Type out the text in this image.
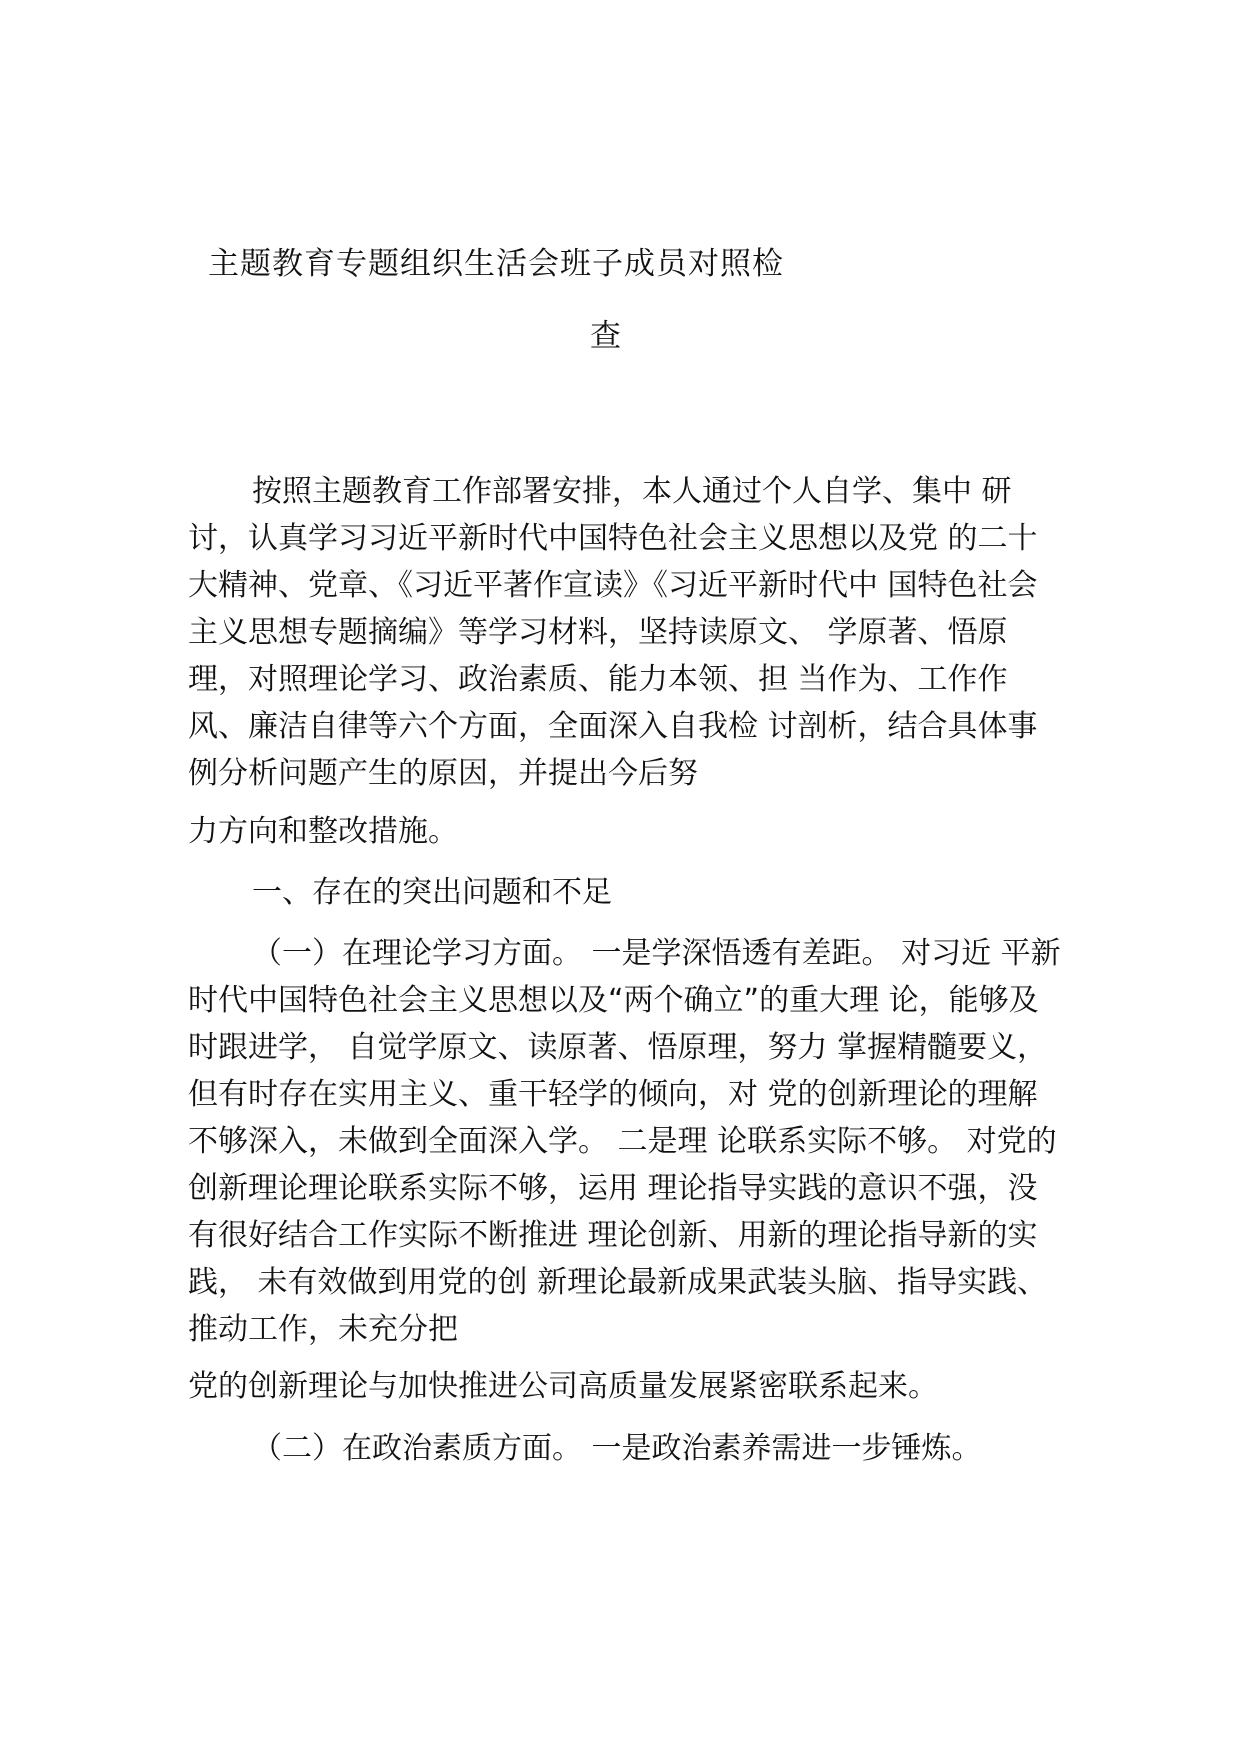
主题教育专题组织生活会班子成员对照检
查
按照主题教育工作部署安排，本人通过个人自学、集中 研
讨，认真学习习近平新时代中国特色社会主义思想以及党 的二十
大精神、党章、《习近平著作宣读》《习近平新时代中 国特色社会
主义思想专题摘编》等学习材料，坚持读原文、 学原著、悟原
理，对照理论学习、政治素质、能力本领、担 当作为、工作作
风、廉洁自律等六个方面，全面深入自我检 讨剖析，结合具体事
例分析问题产生的原因，并提出今后努
力方向和整改措施。
一、存在的突出问题和不足
（一）在理论学习方面。 一是学深悟透有差距。 对习近 平新
时代中国特色社会主义思想以及“两个确立”的重大理 论，能够及
时跟进学， 自觉学原文、读原著、悟原理，努力 掌握精髓要义，
但有时存在实用主义、重干轻学的倾向，对 党的创新理论的理解
不够深入，未做到全面深入学。 二是理 论联系实际不够。 对党的
创新理论理论联系实际不够，运用 理论指导实践的意识不强，没
有很好结合工作实际不断推进 理论创新、用新的理论指导新的实
践， 未有效做到用党的创 新理论最新成果武装头脑、指导实践、
推动工作，未充分把
党的创新理论与加快推进公司高质量发展紧密联系起来。
（二）在政治素质方面。 一是政治素养需进一步锤炼。
